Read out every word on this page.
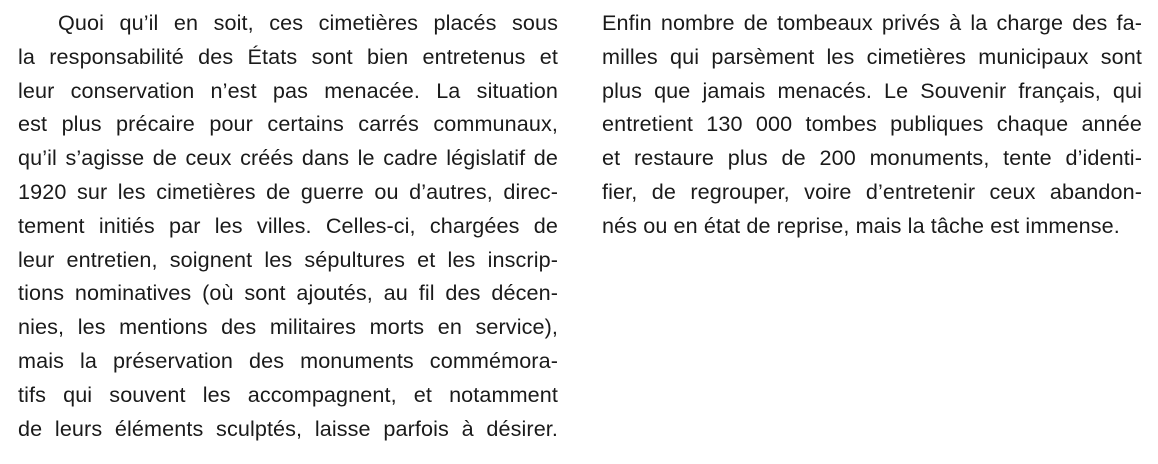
Quoi qu’il en soit, ces cimetières placés sous
la responsabilité des États sont bien entretenus et
leur conservation n’est pas menacée. La situation
est plus précaire pour certains carrés communaux,
qu’il s’agisse de ceux créés dans le cadre législatif de
1920 sur les cimetières de guerre ou d’autres, direc-
tement initiés par les villes. Celles-ci, chargées de
leur entretien, soignent les sépultures et les inscrip-
tions nominatives (où sont ajoutés, au fil des décen-
nies, les mentions des militaires morts en service),
mais la préservation des monuments commémora-
tifs qui souvent les accompagnent, et notamment
de leurs éléments sculptés, laisse parfois à désirer.
Enfin nombre de tombeaux privés à la charge des fa-
milles qui parsèment les cimetières municipaux sont
plus que jamais menacés. Le Souvenir français, qui
entretient 130 000 tombes publiques chaque année
et restaure plus de 200 monuments, tente d’identi-
fier, de regrouper, voire d’entretenir ceux abandon-
nés ou en état de reprise, mais la tâche est immense.
